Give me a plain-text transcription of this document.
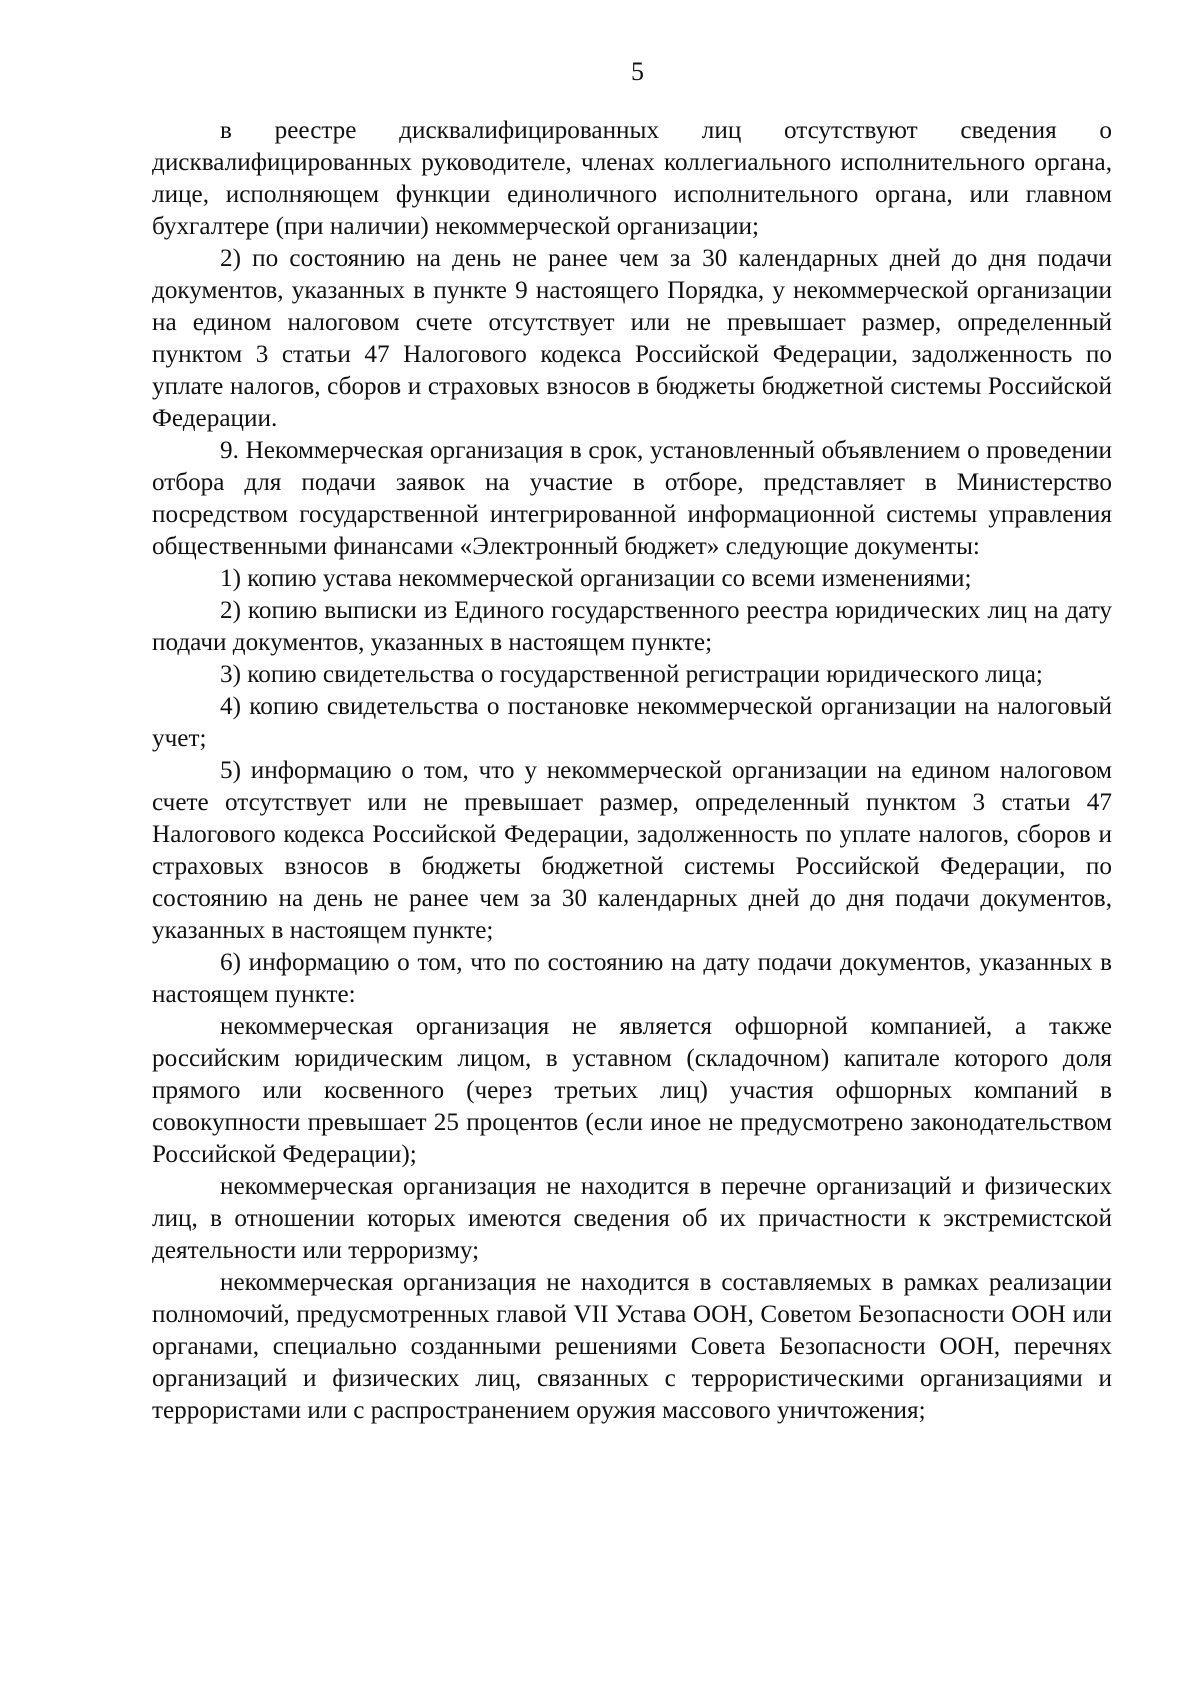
5

в реестре дисквалифицированных лиц отсутствуют сведения о дисквалифицированных руководителе, членах коллегиального исполнительного органа, лице, исполняющем функции единоличного исполнительного органа, или главном бухгалтере (при наличии) некоммерческой организации;

2) по состоянию на день не ранее чем за 30 календарных дней до дня подачи документов, указанных в пункте 9 настоящего Порядка, у некоммерческой организации на едином налоговом счете отсутствует или не превышает размер, определенный пунктом 3 статьи 47 Налогового кодекса Российской Федерации, задолженность по уплате налогов, сборов и страховых взносов в бюджеты бюджетной системы Российской Федерации.

9. Некоммерческая организация в срок, установленный объявлением о проведении отбора для подачи заявок на участие в отборе, представляет в Министерство посредством государственной интегрированной информационной системы управления общественными финансами «Электронный бюджет» следующие документы:

1) копию устава некоммерческой организации со всеми изменениями;

2) копию выписки из Единого государственного реестра юридических лиц на дату подачи документов, указанных в настоящем пункте;

3) копию свидетельства о государственной регистрации юридического лица;

4) копию свидетельства о постановке некоммерческой организации на налоговый учет;

5) информацию о том, что у некоммерческой организации на едином налоговом счете отсутствует или не превышает размер, определенный пунктом 3 статьи 47 Налогового кодекса Российской Федерации, задолженность по уплате налогов, сборов и страховых взносов в бюджеты бюджетной системы Российской Федерации, по состоянию на день не ранее чем за 30 календарных дней до дня подачи документов, указанных в настоящем пункте;

6) информацию о том, что по состоянию на дату подачи документов, указанных в настоящем пункте:

некоммерческая организация не является офшорной компанией, а также российским юридическим лицом, в уставном (складочном) капитале которого доля прямого или косвенного (через третьих лиц) участия офшорных компаний в совокупности превышает 25 процентов (если иное не предусмотрено законодательством Российской Федерации);

некоммерческая организация не находится в перечне организаций и физических лиц, в отношении которых имеются сведения об их причастности к экстремистской деятельности или терроризму;

некоммерческая организация не находится в составляемых в рамках реализации полномочий, предусмотренных главой VII Устава ООН, Советом Безопасности ООН или органами, специально созданными решениями Совета Безопасности ООН, перечнях организаций и физических лиц, связанных с террористическими организациями и террористами или с распространением оружия массового уничтожения;
